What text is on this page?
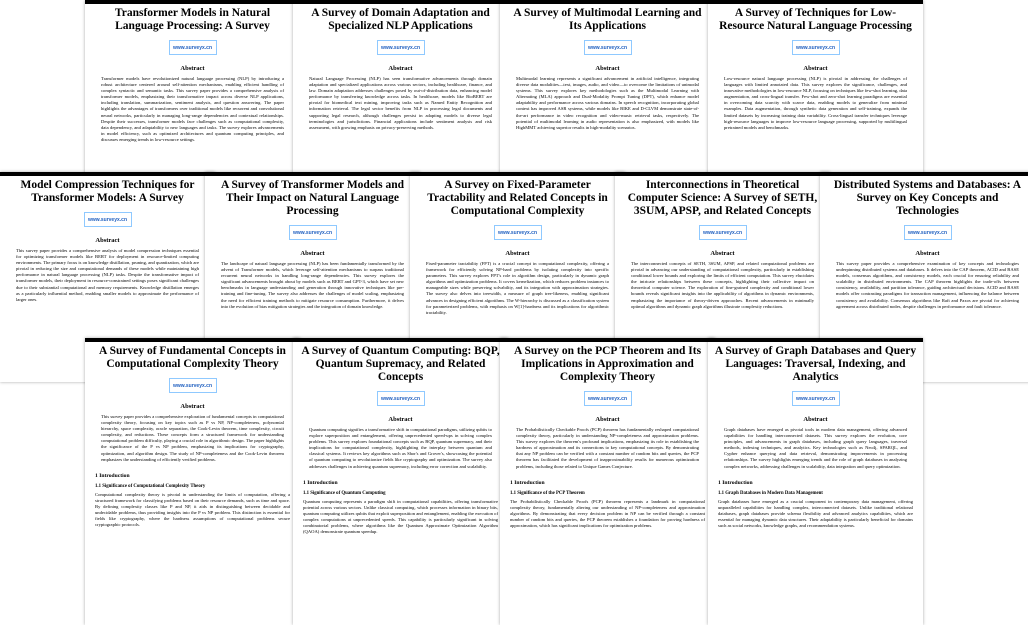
Transformer Models in Natural Language Processing: A Survey
www.surveyx.cn
Abstract
Transformer models have revolutionized natural language processing (NLP) by introducing a robust architecture centered around self-attention mechanisms, enabling efficient handling of complex syntactic and semantic tasks. This survey paper provides a comprehensive analysis of transformer models, emphasizing their transformative impact across diverse NLP applications, including translation, summarization, sentiment analysis, and question answering. The paper highlights the advantages of transformers over traditional models like recurrent and convolutional neural networks, particularly in managing long-range dependencies and contextual relationships. Despite their successes, transformer models face challenges such as computational complexity, data dependency, and adaptability to new languages and tasks. The survey explores advancements in model efficiency, such as optimized architectures and quantum computing principles, and discusses emerging trends in low-resource settings.
A Survey of Domain Adaptation and Specialized NLP Applications
www.surveyx.cn
Abstract
Natural Language Processing (NLP) has seen transformative advancements through domain adaptation and specialized applications across various sectors, including healthcare, finance, and law. Domain adaptation addresses challenges posed by out-of-distribution data, enhancing model performance by transferring knowledge across tasks. In healthcare, models like BioBERT are pivotal for biomedical text mining, improving tasks such as Named Entity Recognition and information retrieval. The legal sector benefits from NLP in processing legal documents and supporting legal research, although challenges persist in adapting models to diverse legal terminologies and jurisdictions. Financial applications include sentiment analysis and risk assessment, with growing emphasis on privacy-preserving methods.
A Survey of Multimodal Learning and Its Applications
www.surveyx.cn
Abstract
Multimodal learning represents a significant advancement in artificial intelligence, integrating diverse data modalities—text, images, audio, and video—to overcome the limitations of unimodal systems. This survey explores key methodologies such as the Multimodal Learning with Alternating (MLA) approach and Dual-Modality Prompt Tuning (DPT), which enhance model adaptability and performance across various domains. In speech recognition, incorporating global context has improved ASR systems, while models like BIKE and D-CLVM demonstrate state-of-the-art performance in video recognition and video-music retrieval tasks, respectively. The potential of multimodal learning in audio representation is also emphasized, with models like HighMMT achieving superior results in high-modality scenarios.
A Survey of Techniques for Low-Resource Natural Language Processing
www.surveyx.cn
Abstract
Low-resource natural language processing (NLP) is pivotal in addressing the challenges of languages with limited annotated data. This survey explores the significance, challenges, and innovative methodologies in low-resource NLP, focusing on techniques like few-shot learning, data augmentation, and cross-lingual transfer. Few-shot and zero-shot learning paradigms are essential in overcoming data scarcity with scarce data, enabling models to generalize from minimal examples. Data augmentation, through synthetic data generation and self-training, expands the limited datasets by increasing training data variability. Cross-lingual transfer techniques leverage high-resource languages to improve low-resource language processing, supported by multilingual pretrained models and benchmarks.
Model Compression Techniques for Transformer Models: A Survey
www.surveyx.cn
Abstract
This survey paper provides a comprehensive analysis of model compression techniques essential for optimizing transformer models like BERT for deployment in resource-limited computing environments. The primary focus is on knowledge distillation, pruning, and quantization, which are pivotal in reducing the size and computational demands of these models while maintaining high performance in natural language processing (NLP) tasks. Despite the transformative impact of transformer models, their deployment in resource-constrained settings poses significant challenges due to their substantial computational and memory requirements. Knowledge distillation emerges as a particularly influential method, enabling smaller models to approximate the performance of larger ones.
A Survey of Transformer Models and Their Impact on Natural Language Processing
www.surveyx.cn
Abstract
The landscape of natural language processing (NLP) has been fundamentally transformed by the advent of Transformer models, which leverage self-attention mechanisms to surpass traditional recurrent neural networks in handling long-range dependencies. This survey explores the significant advancements brought about by models such as BERT and GPT-3, which have set new benchmarks in language understanding and generation through innovative techniques like pre-training and fine-tuning. The survey also addresses the challenges of model scaling, emphasizing the need for efficient training methods to mitigate resource consumption. Furthermore, it delves into the evolution of bias mitigation strategies and the integration of domain knowledge.
A Survey on Fixed-Parameter Tractability and Related Concepts in Computational Complexity
www.surveyx.cn
Abstract
Fixed-parameter tractability (FPT) is a crucial concept in computational complexity, offering a framework for efficiently solving NP-hard problems by isolating complexity into specific parameters. This survey explores FPT's role in algorithm design, particularly in dynamic graph algorithms and optimization problems. It covers kernelization, which reduces problem instances to manageable sizes while preserving solvability, and its integration with approximation strategies. The survey also delves into treewidth, a measure of graph tree-likeness, enabling significant advances in designing efficient algorithms. The W-hierarchy is discussed as a classification system for parameterized problems, with emphasis on W[1]-hardness and its implications for algorithmic tractability.
Interconnections in Theoretical Computer Science: A Survey of SETH, 3SUM, APSP, and Related Concepts
www.surveyx.cn
Abstract
The interconnected concepts of SETH, 3SUM, APSP, and related computational problems are pivotal in advancing our understanding of computational complexity, particularly in establishing conditional lower bounds and exploring the limits of efficient computation. This survey elucidates the intricate relationships between these concepts, highlighting their collective impact on theoretical computer science. The exploration of fine-grained complexity and conditional lower bounds reveals significant insights into the applicability of algorithms in dynamic environments, emphasizing the importance of theory-driven approaches. Recent advancements in minimally optimal algorithms and dynamic graph algorithms illustrate complexity reductions.
Distributed Systems and Databases: A Survey on Key Concepts and Technologies
www.surveyx.cn
Abstract
This survey paper provides a comprehensive examination of key concepts and technologies underpinning distributed systems and databases. It delves into the CAP theorem, ACID and BASE models, consensus algorithms, and consistency models, each crucial for ensuring reliability and scalability in distributed environments. The CAP theorem highlights the trade-offs between consistency, availability, and partition tolerance, guiding architectural decisions. ACID and BASE models offer contrasting paradigms for transaction management, influencing the balance between consistency and availability. Consensus algorithms like Raft and Paxos are pivotal for achieving agreement across distributed nodes, despite challenges in performance and fault tolerance.
A Survey of Fundamental Concepts in Computational Complexity Theory
www.surveyx.cn
Abstract
This survey paper provides a comprehensive exploration of fundamental concepts in computational complexity theory, focusing on key topics such as P vs NP, NP-completeness, polynomial hierarchy, space complexity, oracle separation, the Cook-Levin theorem, time complexity, circuit complexity, and reductions. These concepts form a structured framework for understanding computational problem difficulty, playing a crucial role in algorithmic design. The paper highlights the significance of the P vs NP problem, emphasizing its implications for cryptography, optimization, and algorithm design. The study of NP-completeness and the Cook-Levin theorem emphasizes the understanding of efficiently verified problems.
1 Introduction
1.1 Significance of Computational Complexity Theory
Computational complexity theory is pivotal in understanding the limits of computation, offering a structured framework for classifying problems based on their resource demands, such as time and space. By defining complexity classes like P and NP, it aids in distinguishing between decidable and undecidable problems, thus providing insights into the P vs NP problem. This distinction is essential for fields like cryptography, where the hardness assumptions of computational problems secure cryptographic protocols.
A Survey of Quantum Computing: BQP, Quantum Supremacy, and Related Concepts
www.surveyx.cn
Abstract
Quantum computing signifies a transformative shift in computational paradigms, utilizing qubits to explore superposition and entanglement, offering unprecedented speed-ups in solving complex problems. This survey explores foundational concepts such as BQP, quantum supremacy, and their implications for computational complexity, highlighting the interplay between quantum and classical systems. It reviews key algorithms such as Shor's and Grover's, showcasing the potential of quantum computing to revolutionize fields like cryptography and optimization. The survey also addresses challenges in achieving quantum supremacy, including error correction and scalability.
1 Introduction
1.1 Significance of Quantum Computing
Quantum computing represents a paradigm shift in computational capabilities, offering transformative potential across various sectors. Unlike classical computing, which processes information in binary bits, quantum computing utilizes qubits that exploit superposition and entanglement, enabling the execution of complex computations at unprecedented speeds. This capability is particularly significant in solving combinatorial problems, where algorithms like the Quantum Approximate Optimization Algorithm (QAOA) demonstrate quantum speedup.
A Survey on the PCP Theorem and Its Implications in Approximation and Complexity Theory
www.surveyx.cn
Abstract
The Probabilistically Checkable Proofs (PCP) theorem has fundamentally reshaped computational complexity theory, particularly in understanding NP-completeness and approximation problems. This survey explores the theorem's profound implications, emphasizing its role in establishing the hardness of approximation and its connections to key computational concepts. By demonstrating that any NP problem can be verified with a constant number of random bits and queries, the PCP theorem has facilitated the development of inapproximability results for numerous optimization problems, including those related to Unique Games Conjecture.
1 Introduction
1.1 Significance of the PCP Theorem
The Probabilistically Checkable Proofs (PCP) theorem represents a landmark in computational complexity theory, fundamentally altering our understanding of NP-completeness and approximation algorithms. By demonstrating that every decision problem in NP can be verified through a constant number of random bits and queries, the PCP theorem establishes a foundation for proving hardness of approximation, which has significant implications for optimization problems.
A Survey of Graph Databases and Query Languages: Traversal, Indexing, and Analytics
www.surveyx.cn
Abstract
Graph databases have emerged as pivotal tools in modern data management, offering advanced capabilities for handling interconnected datasets. This survey explores the evolution, core principles, and advancements in graph databases, including graph query languages, traversal methods, indexing techniques, and analytics. Key technologies such as Neo4j, SPARQL, and Cypher enhance querying and data retrieval, demonstrating improvements in processing relationships. The survey highlights emerging trends and the role of graph databases in analyzing complex networks, addressing challenges in scalability, data integration and query optimization.
1 Introduction
1.1 Graph Databases in Modern Data Management
Graph databases have emerged as a crucial component in contemporary data management, offering unparalleled capabilities for handling complex, interconnected datasets. Unlike traditional relational databases, graph databases provide schema flexibility and advanced analytics capabilities, which are essential for managing dynamic data structures. Their adaptability is particularly beneficial for domains such as social networks, knowledge graphs, and recommendation systems.
